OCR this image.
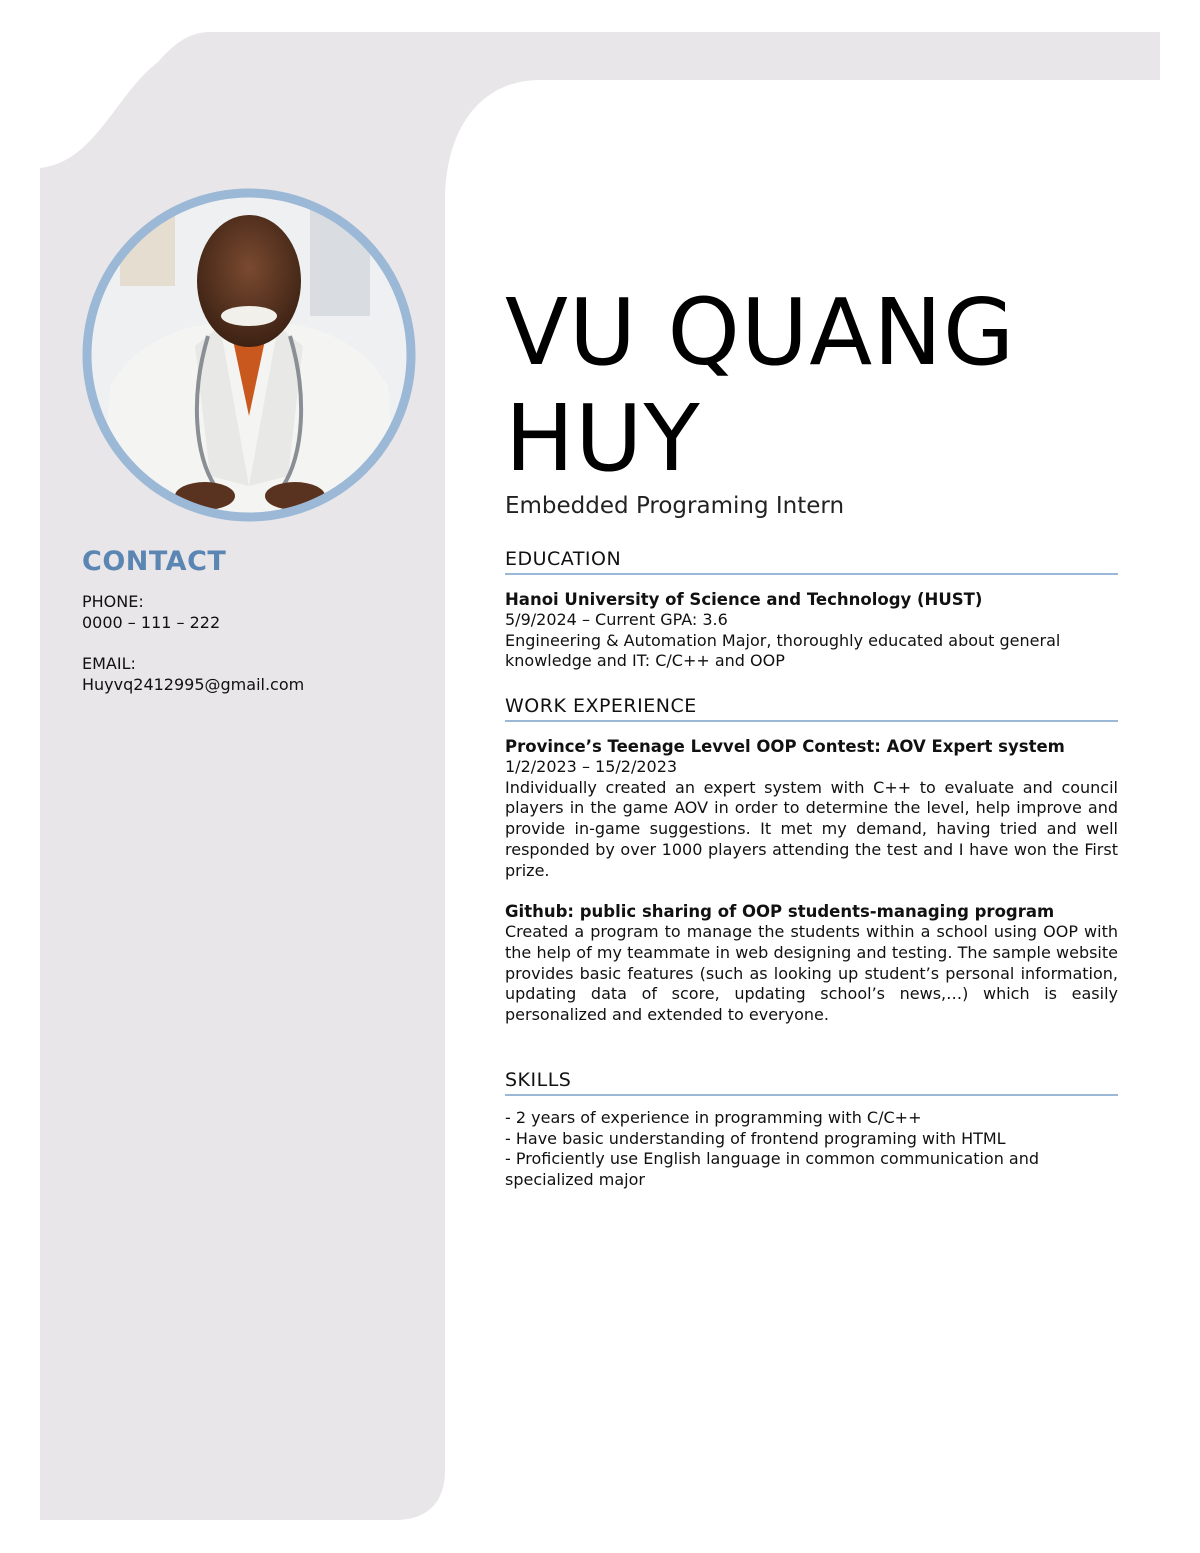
CONTACT
PHONE:
0000 – 111 – 222
EMAIL:
Huyvq2412995@gmail.com
VU QUANG
HUY
Embedded Programing Intern
EDUCATION
Hanoi University of Science and Technology (HUST)
5/9/2024 – Current GPA: 3.6
Engineering & Automation Major, thoroughly educated about general knowledge and IT: C/C++ and OOP
WORK EXPERIENCE
Province’s Teenage Levvel OOP Contest: AOV Expert system
1/2/2023 – 15/2/2023
Individually created an expert system with C++ to evaluate and council players in the game AOV in order to determine the level, help improve and provide in-game suggestions. It met my demand, having tried and well responded by over 1000 players attending the test and I have won the First prize.
Github: public sharing of OOP students-managing program
Created a program to manage the students within a school using OOP with the help of my teammate in web designing and testing. The sample website provides basic features (such as looking up student’s personal information, updating data of score, updating school’s news,…) which is easily personalized and extended to everyone.
SKILLS
- 2 years of experience in programming with C/C++
- Have basic understanding of frontend programing with HTML
- Proficiently use English language in common communication and specialized major
